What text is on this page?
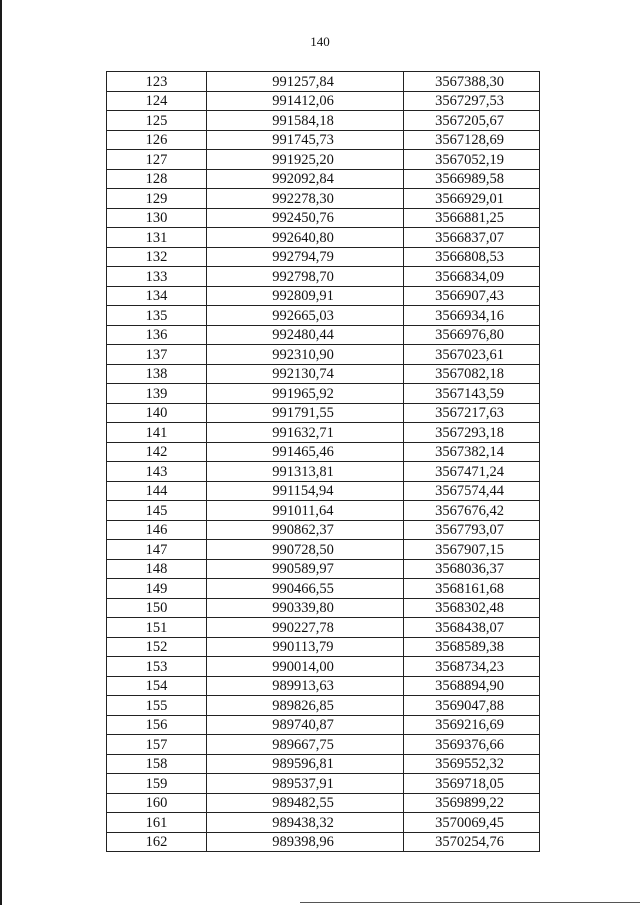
140
123	991257,84	3567388,30
124	991412,06	3567297,53
125	991584,18	3567205,67
126	991745,73	3567128,69
127	991925,20	3567052,19
128	992092,84	3566989,58
129	992278,30	3566929,01
130	992450,76	3566881,25
131	992640,80	3566837,07
132	992794,79	3566808,53
133	992798,70	3566834,09
134	992809,91	3566907,43
135	992665,03	3566934,16
136	992480,44	3566976,80
137	992310,90	3567023,61
138	992130,74	3567082,18
139	991965,92	3567143,59
140	991791,55	3567217,63
141	991632,71	3567293,18
142	991465,46	3567382,14
143	991313,81	3567471,24
144	991154,94	3567574,44
145	991011,64	3567676,42
146	990862,37	3567793,07
147	990728,50	3567907,15
148	990589,97	3568036,37
149	990466,55	3568161,68
150	990339,80	3568302,48
151	990227,78	3568438,07
152	990113,79	3568589,38
153	990014,00	3568734,23
154	989913,63	3568894,90
155	989826,85	3569047,88
156	989740,87	3569216,69
157	989667,75	3569376,66
158	989596,81	3569552,32
159	989537,91	3569718,05
160	989482,55	3569899,22
161	989438,32	3570069,45
162	989398,96	3570254,76
